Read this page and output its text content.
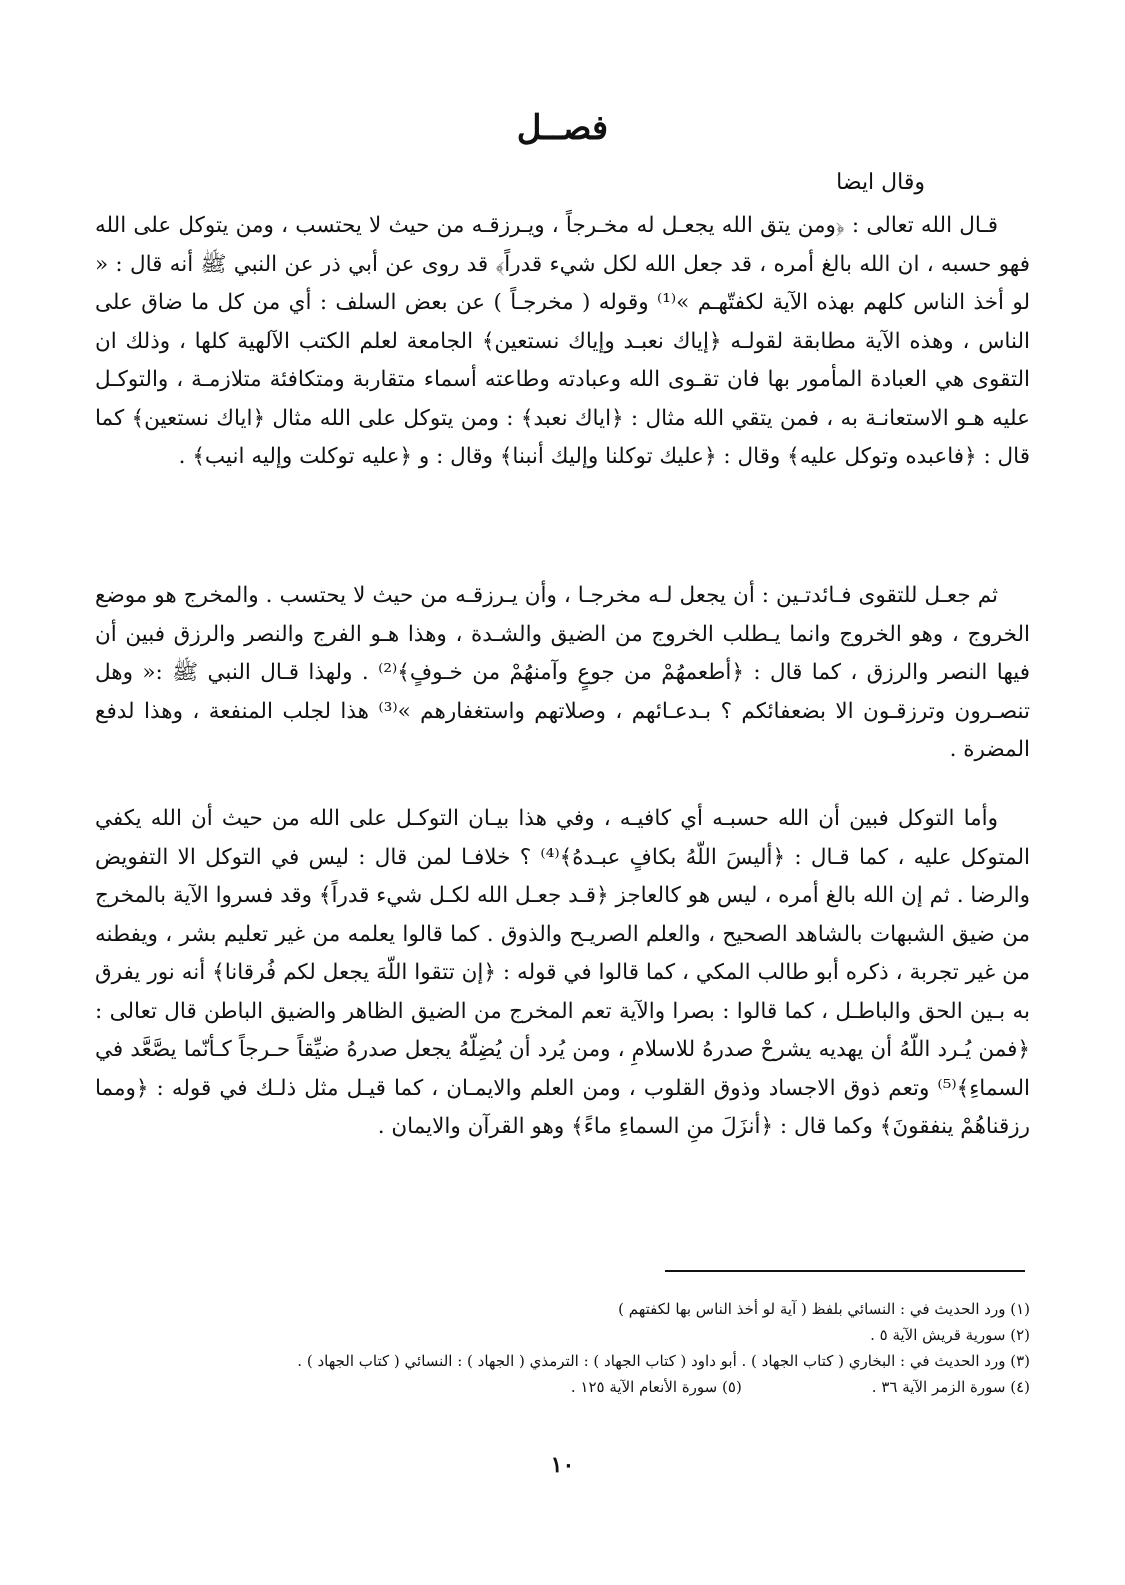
فصــل
وقال ايضا

قـال الله تعالى : ﴿ومن يتق الله يجعـل له مخـرجاً ، ويـرزقـه من حيث لا يحتسب ، ومن يتوكل على الله فهو حسبه ، ان الله بالغ أمره ، قد جعل الله لكل شيء قدراً﴾ قد روى عن أبي ذر عن النبي ﷺ أنه قال : « لو أخذ الناس كلهم بهذه الآية لكفتّهـم »⁽¹⁾ وقوله ( مخرجـاً ) عن بعض السلف : أي من كل ما ضاق على الناس ، وهذه الآية مطابقة لقولـه ﴿إياك نعبـد وإياك نستعين﴾ الجامعة لعلم الكتب الآلهية كلها ، وذلك ان التقوى هي العبادة المأمور بها فان تقـوى الله وعبادته وطاعته أسماء متقاربة ومتكافئة متلازمـة ، والتوكـل عليه هـو الاستعانـة به ، فمن يتقي الله مثال : ﴿اياك نعبد﴾ : ومن يتوكل على الله مثال ﴿اياك نستعين﴾ كما قال : ﴿فاعبده وتوكل عليه﴾ وقال : ﴿عليك توكلنا وإليك أنبنا﴾ وقال : و ﴿عليه توكلت وإليه انيب﴾ .

ثم جعـل للتقوى فـائدتـين : أن يجعل لـه مخرجـا ، وأن يـرزقـه من حيث لا يحتسب . والمخرج هو موضع الخروج ، وهو الخروج وانما يـطلب الخروج من الضيق والشـدة ، وهذا هـو الفرج والنصر والرزق فبين أن فيها النصر والرزق ، كما قال : ﴿أطعمهُمْ من جوعٍ وآمنهُمْ من خـوفٍ﴾⁽²⁾ . ولهذا قـال النبي ﷺ :« وهل تنصـرون وترزقـون الا بضعفائكم ؟ بـدعـائهم ، وصلاتهم واستغفارهم »⁽³⁾ هذا لجلب المنفعة ، وهذا لدفع المضرة .

وأما التوكل فبين أن الله حسبـه أي كافيـه ، وفي هذا بيـان التوكـل على الله من حيث أن الله يكفي المتوكل عليه ، كما قـال : ﴿أليسَ اللّهُ بكافٍ عبـدهُ﴾⁽⁴⁾ ؟ خلافـا لمن قال : ليس في التوكل الا التفويض والرضا . ثم إن الله بالغ أمره ، ليس هو كالعاجز ﴿قـد جعـل الله لكـل شيء قدراً﴾ وقد فسروا الآية بالمخرج من ضيق الشبهات بالشاهد الصحيح ، والعلم الصريـح والذوق . كما قالوا يعلمه من غير تعليم بشر ، ويفطنه من غير تجربة ، ذكره أبو طالب المكي ، كما قالوا في قوله : ﴿إن تتقوا اللّهَ يجعل لكم فُرقانا﴾ أنه نور يفرق به بـين الحق والباطـل ، كما قالوا : بصرا والآية تعم المخرج من الضيق الظاهر والضيق الباطن قال تعالى : ﴿فمن يُـرد اللّهُ أن يهديه يشرحْ صدرهُ للاسلامِ ، ومن يُرد أن يُضِلّهُ يجعل صدرهُ ضيِّقاً حـرجاً كـأنّما يصَّعَّد في السماءِ﴾⁽⁵⁾ وتعم ذوق الاجساد وذوق القلوب ، ومن العلم والايمـان ، كما قيـل مثل ذلـك في قوله : ﴿ومما رزقناهُمْ ينفقونَ﴾ وكما قال : ﴿أنزَلَ منِ السماءِ ماءً﴾ وهو القرآن والايمان .

(١) ورد الحديث في : النسائي بلفظ ( آية لو أخذ الناس بها لكفتهم )
(٢) سورية قريش الآية ٥ .
(٣) ورد الحديث في : البخاري ( كتاب الجهاد ) . أبو داود ( كتاب الجهاد ) : الترمذي ( الجهاد ) : النسائي ( كتاب الجهاد ) .
(٤) سورة الزمر الآية ٣٦ .(٥) سورة الأنعام الآية ١٢٥ .
١٠
